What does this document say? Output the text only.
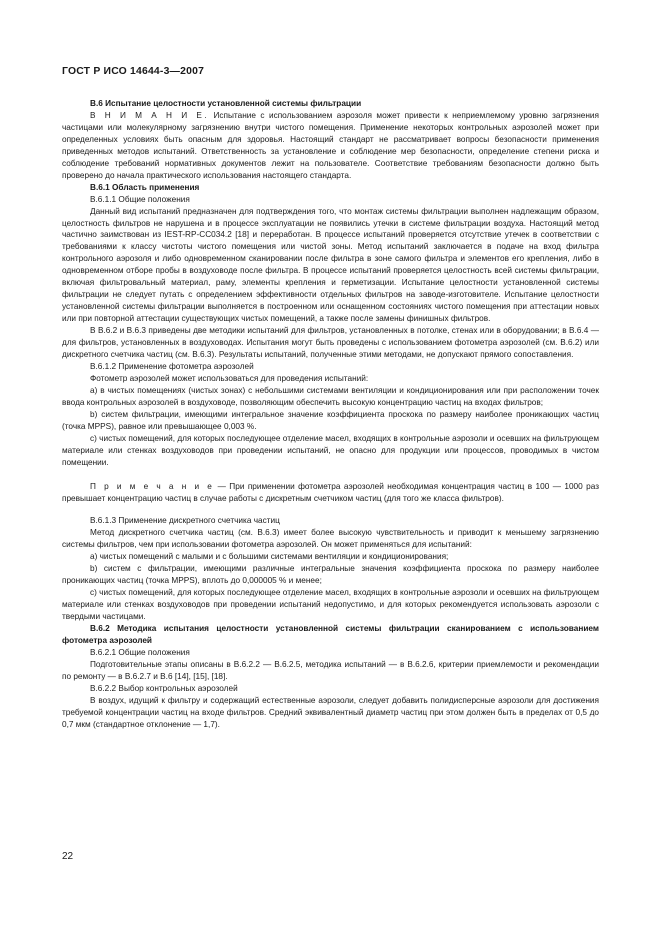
ГОСТ Р ИСО 14644-3—2007

В.6 Испытание целостности установленной системы фильтрации

В Н И М А Н И Е. Испытание с использованием аэрозоля может привести к неприемлемому уровню загрязнения частицами или молекулярному загрязнению внутри чистого помещения. Применение некоторых контрольных аэрозолей может при определенных условиях быть опасным для здоровья. Настоящий стандарт не рассматривает вопросы безопасности применения приведенных методов испытаний. Ответственность за установление и соблюдение мер безопасности, определение степени риска и соблюдение требований нормативных документов лежит на пользователе. Соответствие требованиям безопасности должно быть проверено до начала практического использования настоящего стандарта.

В.6.1 Область применения

В.6.1.1 Общие положения

Данный вид испытаний предназначен для подтверждения того, что монтаж системы фильтрации выполнен надлежащим образом, целостность фильтров не нарушена и в процессе эксплуатации не появились утечки в системе фильтрации воздуха. Настоящий метод частично заимствован из IEST-RP-CC034.2 [18] и переработан. В процессе испытаний проверяется отсутствие утечек в соответствии с требованиями к классу чистоты чистого помещения или чистой зоны. Метод испытаний заключается в подаче на вход фильтра контрольного аэрозоля и либо одновременном сканировании после фильтра в зоне самого фильтра и элементов его крепления, либо в одновременном отборе пробы в воздуховоде после фильтра. В процессе испытаний проверяется целостность всей системы фильтрации, включая фильтровальный материал, раму, элементы крепления и герметизации. Испытание целостности установленной системы фильтрации не следует путать с определением эффективности отдельных фильтров на заводе-изготовителе. Испытание целостности установленной системы фильтрации выполняется в построенном или оснащенном состояниях чистого помещения при аттестации новых или при повторной аттестации существующих чистых помещений, а также после замены финишных фильтров.

В В.6.2 и В.6.3 приведены две методики испытаний для фильтров, установленных в потолке, стенах или в оборудовании; в В.6.4 — для фильтров, установленных в воздуховодах. Испытания могут быть проведены с использованием фотометра аэрозолей (см. В.6.2) или дискретного счетчика частиц (см. В.6.3). Результаты испытаний, полученные этими методами, не допускают прямого сопоставления.

В.6.1.2 Применение фотометра аэрозолей

Фотометр аэрозолей может использоваться для проведения испытаний:

а) в чистых помещениях (чистых зонах) с небольшими системами вентиляции и кондиционирования или при расположении точек ввода контрольных аэрозолей в воздуховоде, позволяющим обеспечить высокую концентрацию частиц на входах фильтров;

b) систем фильтрации, имеющими интегральное значение коэффициента проскока по размеру наиболее проникающих частиц (точка MPPS), равное или превышающее 0,003 %.

с) чистых помещений, для которых последующее отделение масел, входящих в контрольные аэрозоли и осевших на фильтрующем материале или стенках воздуховодов при проведении испытаний, не опасно для продукции или процессов, проводимых в чистом помещении.

П р и м е ч а н и е — При применении фотометра аэрозолей необходимая концентрация частиц в 100 — 1000 раз превышает концентрацию частиц в случае работы с дискретным счетчиком частиц (для того же класса фильтров).

В.6.1.3 Применение дискретного счетчика частиц

Метод дискретного счетчика частиц (см. В.6.3) имеет более высокую чувствительность и приводит к меньшему загрязнению системы фильтров, чем при использовании фотометра аэрозолей. Он может применяться для испытаний:

а) чистых помещений с малыми и с большими системами вентиляции и кондиционирования;

b) систем с фильтрации, имеющими различные интегральные значения коэффициента проскока по размеру наиболее проникающих частиц (точка MPPS), вплоть до 0,000005 % и менее;

с) чистых помещений, для которых последующее отделение масел, входящих в контрольные аэрозоли и осевших на фильтрующем материале или стенках воздуховодов при проведении испытаний недопустимо, и для которых рекомендуется использовать аэрозоли с твердыми частицами.

В.6.2 Методика испытания целостности установленной системы фильтрации сканированием с использованием фотометра аэрозолей

В.6.2.1 Общие положения

Подготовительные этапы описаны в В.6.2.2 — В.6.2.5, методика испытаний — в В.6.2.6, критерии приемлемости и рекомендации по ремонту — в В.6.2.7 и В.6 [14], [15], [18].

В.6.2.2 Выбор контрольных аэрозолей

В воздух, идущий к фильтру и содержащий естественные аэрозоли, следует добавить полидисперсные аэрозоли для достижения требуемой концентрации частиц на входе фильтров. Средний эквивалентный диаметр частиц при этом должен быть в пределах от 0,5 до 0,7 мкм (стандартное отклонение — 1,7).

22
